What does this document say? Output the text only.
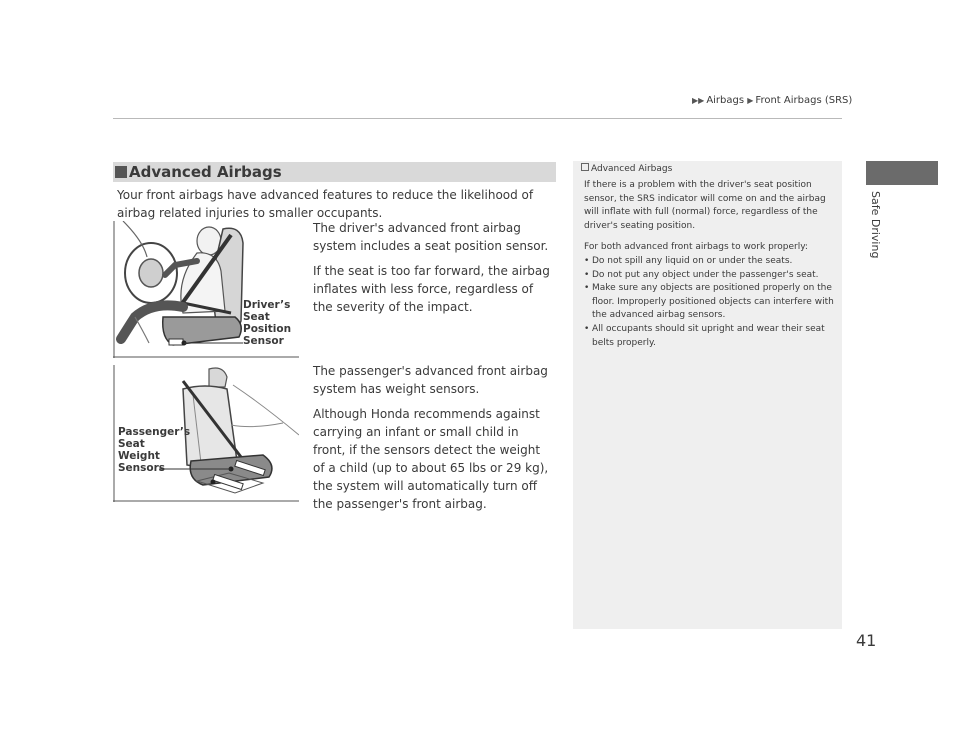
▶▶ Airbags ▶ Front Airbags (SRS)
Safe Driving
Advanced Airbags
Your front airbags have advanced features to reduce the likelihood of airbag related injuries to smaller occupants.
Driver’s
Seat
Position
Sensor
The driver's advanced front airbag system includes a seat position sensor.
If the seat is too far forward, the airbag inflates with less force, regardless of the severity of the impact.
Passenger’s
Seat
Weight
Sensors
The passenger's advanced front airbag system has weight sensors.
Although Honda recommends against carrying an infant or small child in front, if the sensors detect the weight of a child (up to about 65 lbs or 29 kg), the system will automatically turn off the passenger's front airbag.
Advanced Airbags

If there is a problem with the driver's seat position sensor, the SRS indicator will come on and the airbag will inflate with full (normal) force, regardless of the driver's seating position.

For both advanced front airbags to work properly:

• Do not spill any liquid on or under the seats.
• Do not put any object under the passenger's seat.
• Make sure any objects are positioned properly on the floor. Improperly positioned objects can interfere with the advanced airbag sensors.
• All occupants should sit upright and wear their seat belts properly.
41
